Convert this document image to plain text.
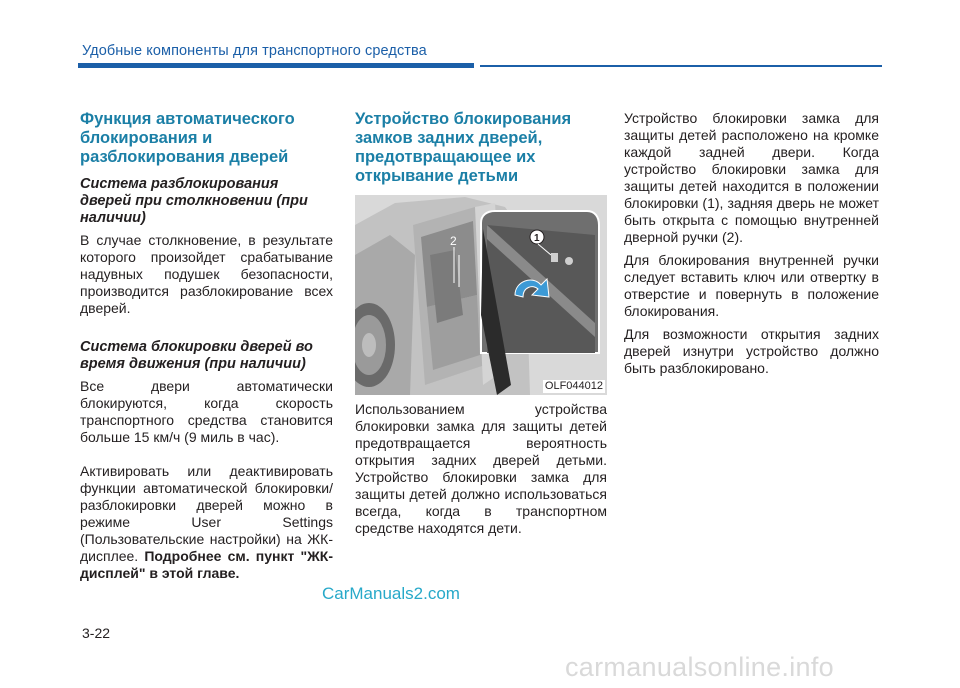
Удобные компоненты для транспортного средства
Функция автоматического блокирования и разблокирования дверей
Система разблокирования дверей при столкновении (при наличии)

В случае столкновение, в результате которого произойдет срабатывание надувных подушек безопасности, производится разблокирование всех дверей.

Система блокировки дверей во время движения (при наличии)

Все двери автоматически блокируются, когда скорость транспортного средства становится больше 15 км/ч (9 миль в час).

Активировать или деактивировать функции автоматической блокировки/разблокировки дверей можно в режиме User Settings (Пользовательские настройки) на ЖК-дисплее. Подробнее см. пункт "ЖК-дисплей" в этой главе.

Устройство блокирования замков задних дверей, предотвращающее их открывание детьми
1
2
OLF044012

Использованием устройства блокировки замка для защиты детей предотвращается вероятность открытия задних дверей детьми. Устройство блокировки замка для защиты детей должно использоваться всегда, когда в транспортном средстве находятся дети.

Устройство блокировки замка для защиты детей расположено на кромке каждой задней двери. Когда устройство блокировки замка для защиты детей находится в положении блокировки (1), задняя дверь не может быть открыта с помощью внутренней дверной ручки (2).

Для блокирования внутренней ручки следует вставить ключ или отвертку в отверстие и повернуть в положение блокирования.

Для возможности открытия задних дверей изнутри устройство должно быть разблокировано.

3-22
CarManuals2.com
carmanualsonline.info
